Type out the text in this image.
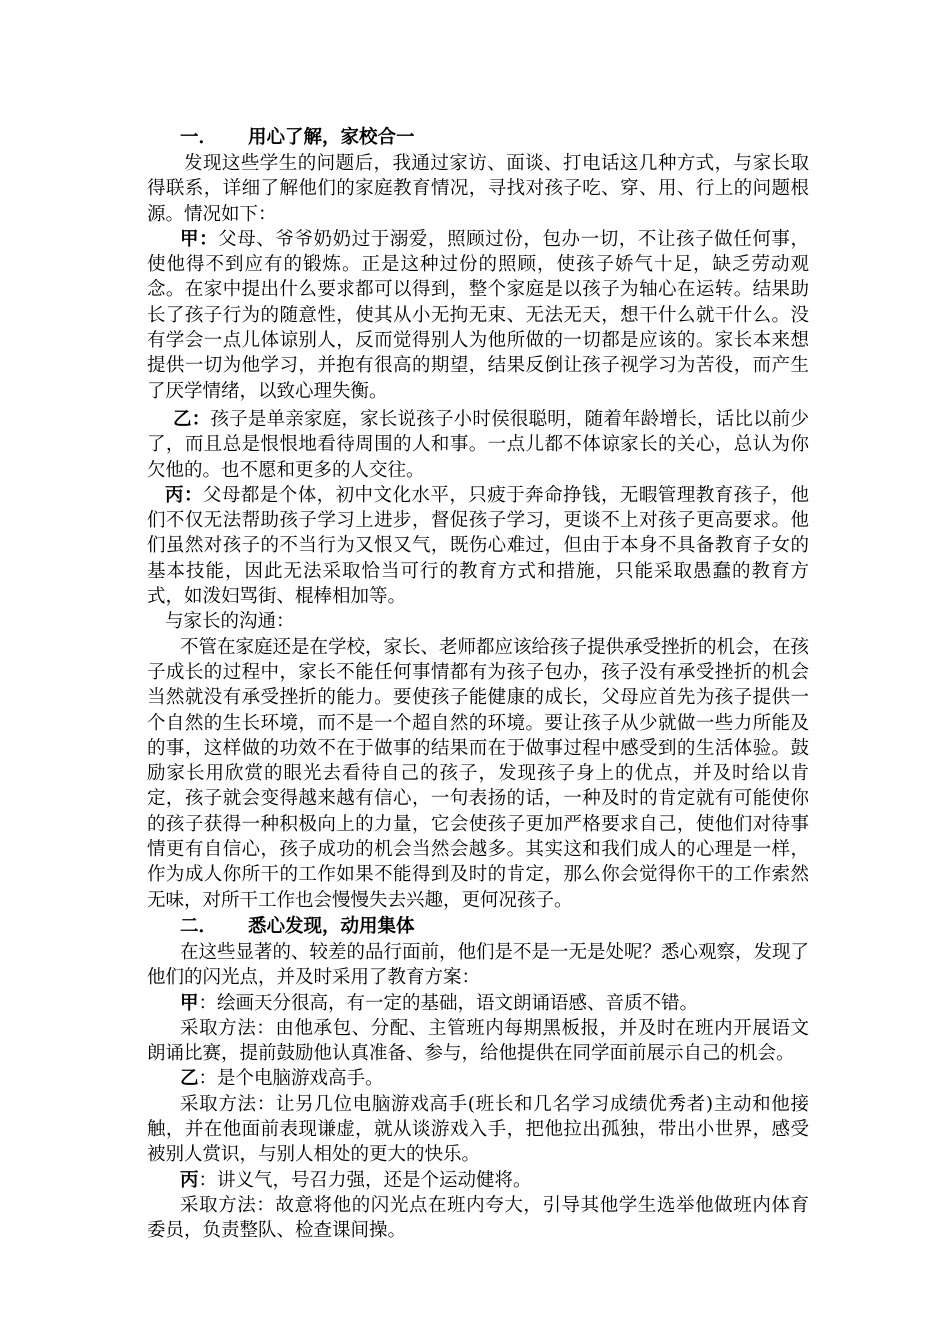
一． 用心了解，家校合一

发现这些学生的问题后，我通过家访、面谈、打电话这几种方式，与家长取得联系，详细了解他们的家庭教育情况，寻找对孩子吃、穿、用、行上的问题根源。情况如下：

甲：父母、爷爷奶奶过于溺爱，照顾过份，包办一切，不让孩子做任何事，使他得不到应有的锻炼。正是这种过份的照顾，使孩子娇气十足，缺乏劳动观念。在家中提出什么要求都可以得到，整个家庭是以孩子为轴心在运转。结果助长了孩子行为的随意性，使其从小无拘无束、无法无天，想干什么就干什么。没有学会一点儿体谅别人，反而觉得别人为他所做的一切都是应该的。家长本来想提供一切为他学习，并抱有很高的期望，结果反倒让孩子视学习为苦役，而产生了厌学情绪，以致心理失衡。

乙：孩子是单亲家庭，家长说孩子小时侯很聪明，随着年龄增长，话比以前少了，而且总是恨恨地看待周围的人和事。一点儿都不体谅家长的关心，总认为你欠他的。也不愿和更多的人交往。

丙：父母都是个体，初中文化水平，只疲于奔命挣钱，无暇管理教育孩子，他们不仅无法帮助孩子学习上进步，督促孩子学习，更谈不上对孩子更高要求。他们虽然对孩子的不当行为又恨又气，既伤心难过，但由于本身不具备教育子女的基本技能，因此无法采取恰当可行的教育方式和措施，只能采取愚蠢的教育方式，如泼妇骂街、棍棒相加等。

与家长的沟通：

不管在家庭还是在学校，家长、老师都应该给孩子提供承受挫折的机会，在孩子成长的过程中，家长不能任何事情都有为孩子包办，孩子没有承受挫折的机会当然就没有承受挫折的能力。要使孩子能健康的成长，父母应首先为孩子提供一个自然的生长环境，而不是一个超自然的环境。要让孩子从少就做一些力所能及的事，这样做的功效不在于做事的结果而在于做事过程中感受到的生活体验。鼓励家长用欣赏的眼光去看待自己的孩子，发现孩子身上的优点，并及时给以肯定，孩子就会变得越来越有信心，一句表扬的话，一种及时的肯定就有可能使你的孩子获得一种积极向上的力量，它会使孩子更加严格要求自己，使他们对待事情更有自信心，孩子成功的机会当然会越多。其实这和我们成人的心理是一样，作为成人你所干的工作如果不能得到及时的肯定，那么你会觉得你干的工作索然无味，对所干工作也会慢慢失去兴趣，更何况孩子。

二． 悉心发现，动用集体

在这些显著的、较差的品行面前，他们是不是一无是处呢？悉心观察，发现了他们的闪光点，并及时采用了教育方案：

甲：绘画天分很高，有一定的基础，语文朗诵语感、音质不错。

采取方法：由他承包、分配、主管班内每期黑板报，并及时在班内开展语文朗诵比赛，提前鼓励他认真准备、参与，给他提供在同学面前展示自己的机会。

乙：是个电脑游戏高手。

采取方法：让另几位电脑游戏高手(班长和几名学习成绩优秀者)主动和他接触，并在他面前表现谦虚，就从谈游戏入手，把他拉出孤独，带出小世界，感受被别人赏识，与别人相处的更大的快乐。

丙：讲义气，号召力强，还是个运动健将。

采取方法：故意将他的闪光点在班内夸大，引导其他学生选举他做班内体育委员，负责整队、检查课间操。
